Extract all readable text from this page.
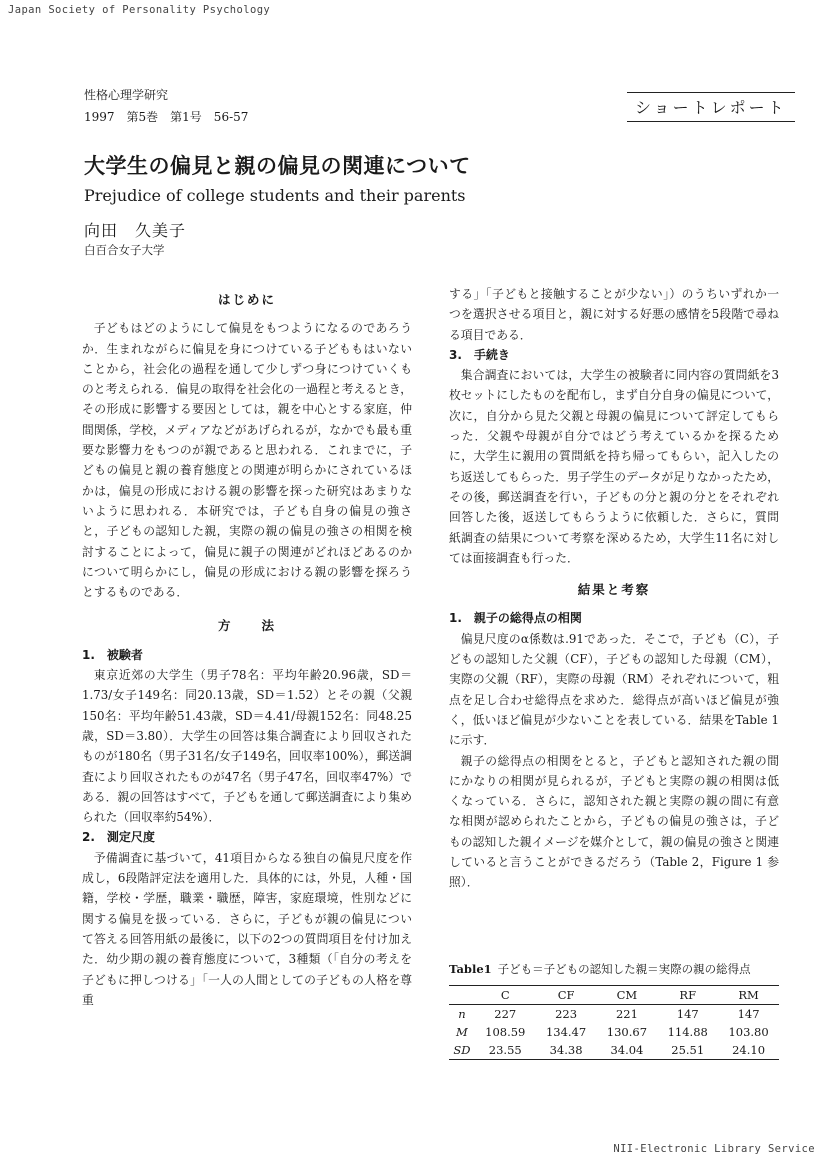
Japan Society of Personality Psychology
性格心理学研究
1997　第5巻　第1号　56-57	ショートレポート
大学生の偏見と親の偏見の関連について
Prejudice of college students and their parents
向田　久美子
白百合女子大学
はじめに

子どもはどのようにして偏見をもつようになるのであろうか．生まれながらに偏見を身につけている子どももはいないことから，社会化の過程を通して少しずつ身につけていくものと考えられる．偏見の取得を社会化の一過程と考えるとき，その形成に影響する要因としては，親を中心とする家庭，仲間関係，学校，メディアなどがあげられるが，なかでも最も重要な影響力をもつのが親であると思われる．これまでに，子どもの偏見と親の養育態度との関連が明らかにされているほかは，偏見の形成における親の影響を探った研究はあまりないように思われる．本研究では，子ども自身の偏見の強さと，子どもの認知した親，実際の親の偏見の強さの相関を検討することによって，偏見に親子の関連がどれほどあるのかについて明らかにし，偏見の形成における親の影響を探ろうとするものである．

方　　法
1.　被験者

東京近郊の大学生（男子78名：平均年齢20.96歳，SD＝1.73/女子149名：同20.13歳，SD＝1.52）とその親（父親150名：平均年齢51.43歳，SD＝4.41/母親152名：同48.25歳，SD＝3.80）．大学生の回答は集合調査により回収されたものが180名（男子31名/女子149名，回収率100%），郵送調査により回収されたものが47名（男子47名，回収率47%）である．親の回答はすべて，子どもを通して郵送調査により集められた（回収率約54%）．

2.　測定尺度

予備調査に基づいて，41項目からなる独自の偏見尺度を作成し，6段階評定法を適用した．具体的には，外見，人種・国籍，学校・学歴，職業・職歴，障害，家庭環境，性別などに関する偏見を扱っている．さらに，子どもが親の偏見について答える回答用紙の最後に，以下の2つの質問項目を付け加えた．幼少期の親の養育態度について，3種類（「自分の考えを子どもに押しつける」「一人の人間としての子どもの人格を尊重

する」「子どもと接触することが少ない」）のうちいずれか一つを選択させる項目と，親に対する好悪の感情を5段階で尋ねる項目である．

3.　手続き

集合調査においては，大学生の被験者に同内容の質問紙を3枚セットにしたものを配布し，まず自分自身の偏見について，次に，自分から見た父親と母親の偏見について評定してもらった．父親や母親が自分ではどう考えているかを探るために，大学生に親用の質問紙を持ち帰ってもらい，記入したのち返送してもらった．男子学生のデータが足りなかったため，その後，郵送調査を行い，子どもの分と親の分とをそれぞれ回答した後，返送してもらうように依頼した．さらに，質問紙調査の結果について考察を深めるため，大学生11名に対しては面接調査も行った．

結果と考察
1.　親子の総得点の相関

偏見尺度のα係数は.91であった．そこで，子ども（C），子どもの認知した父親（CF），子どもの認知した母親（CM），実際の父親（RF），実際の母親（RM）それぞれについて，粗点を足し合わせ総得点を求めた．総得点が高いほど偏見が強く，低いほど偏見が少ないことを表している．結果をTable 1に示す．

親子の総得点の相関をとると，子どもと認知された親の間にかなりの相関が見られるが，子どもと実際の親の相関は低くなっている．さらに，認知された親と実際の親の間に有意な相関が認められたことから，子どもの偏見の強さは，子どもの認知した親イメージを媒介として，親の偏見の強さと関連していると言うことができるだろう（Table 2，Figure 1 参照）．

Table1 子ども＝子どもの認知した親＝実際の親の総得点
	C	CF	CM	RF	RM
n	227	223	221	147	147
M	108.59	134.47	130.67	114.88	103.80
SD	23.55	34.38	34.04	25.51	24.10
NII-Electronic Library Service
